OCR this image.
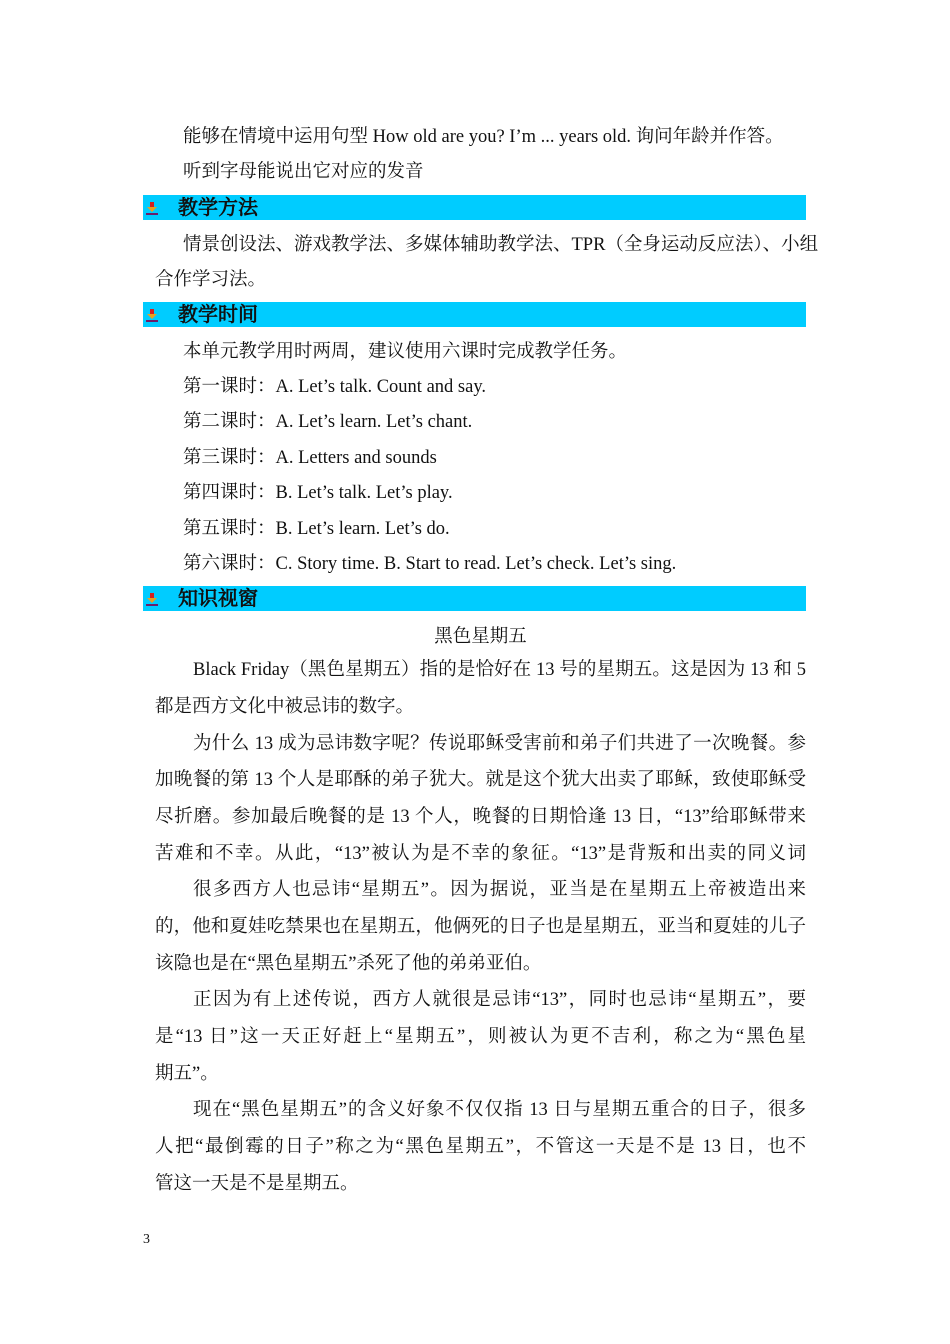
能够在情境中运用句型 How old are you? I’m ... years old. 询问年龄并作答。
听到字母能说出它对应的发音
教学方法
情景创设法、游戏教学法、多媒体辅助教学法、TPR（全身运动反应法）、小组
合作学习法。
教学时间
本单元教学用时两周，建议使用六课时完成教学任务。
第一课时：A. Let’s talk. Count and say.
第二课时：A. Let’s learn. Let’s chant.
第三课时：A. Letters and sounds
第四课时：B. Let’s talk. Let’s play.
第五课时：B. Let’s learn. Let’s do.
第六课时：C. Story time. B. Start to read. Let’s check. Let’s sing.
知识视窗
黑色星期五
Black Friday（黑色星期五）指的是恰好在 13 号的星期五。这是因为 13 和 5
都是西方文化中被忌讳的数字。
为什么 13 成为忌讳数字呢？传说耶稣受害前和弟子们共进了一次晚餐。参
加晚餐的第 13 个人是耶酥的弟子犹大。就是这个犹大出卖了耶稣，致使耶稣受
尽折磨。参加最后晚餐的是 13 个人，晚餐的日期恰逢 13 日，“13”给耶稣带来
苦难和不幸。从此，“13”被认为是不幸的象征。“13”是背叛和出卖的同义词
很多西方人也忌讳“星期五”。因为据说，亚当是在星期五上帝被造出来
的，他和夏娃吃禁果也在星期五，他俩死的日子也是星期五，亚当和夏娃的儿子
该隐也是在“黑色星期五”杀死了他的弟弟亚伯。
正因为有上述传说，西方人就很是忌讳“13”，同时也忌讳“星期五”，要
是“13 日”这一天正好赶上“星期五”，则被认为更不吉利，称之为“黑色星
期五”。
现在“黑色星期五”的含义好象不仅仅指 13 日与星期五重合的日子，很多
人把“最倒霉的日子”称之为“黑色星期五”，不管这一天是不是 13 日，也不
管这一天是不是星期五。
3
